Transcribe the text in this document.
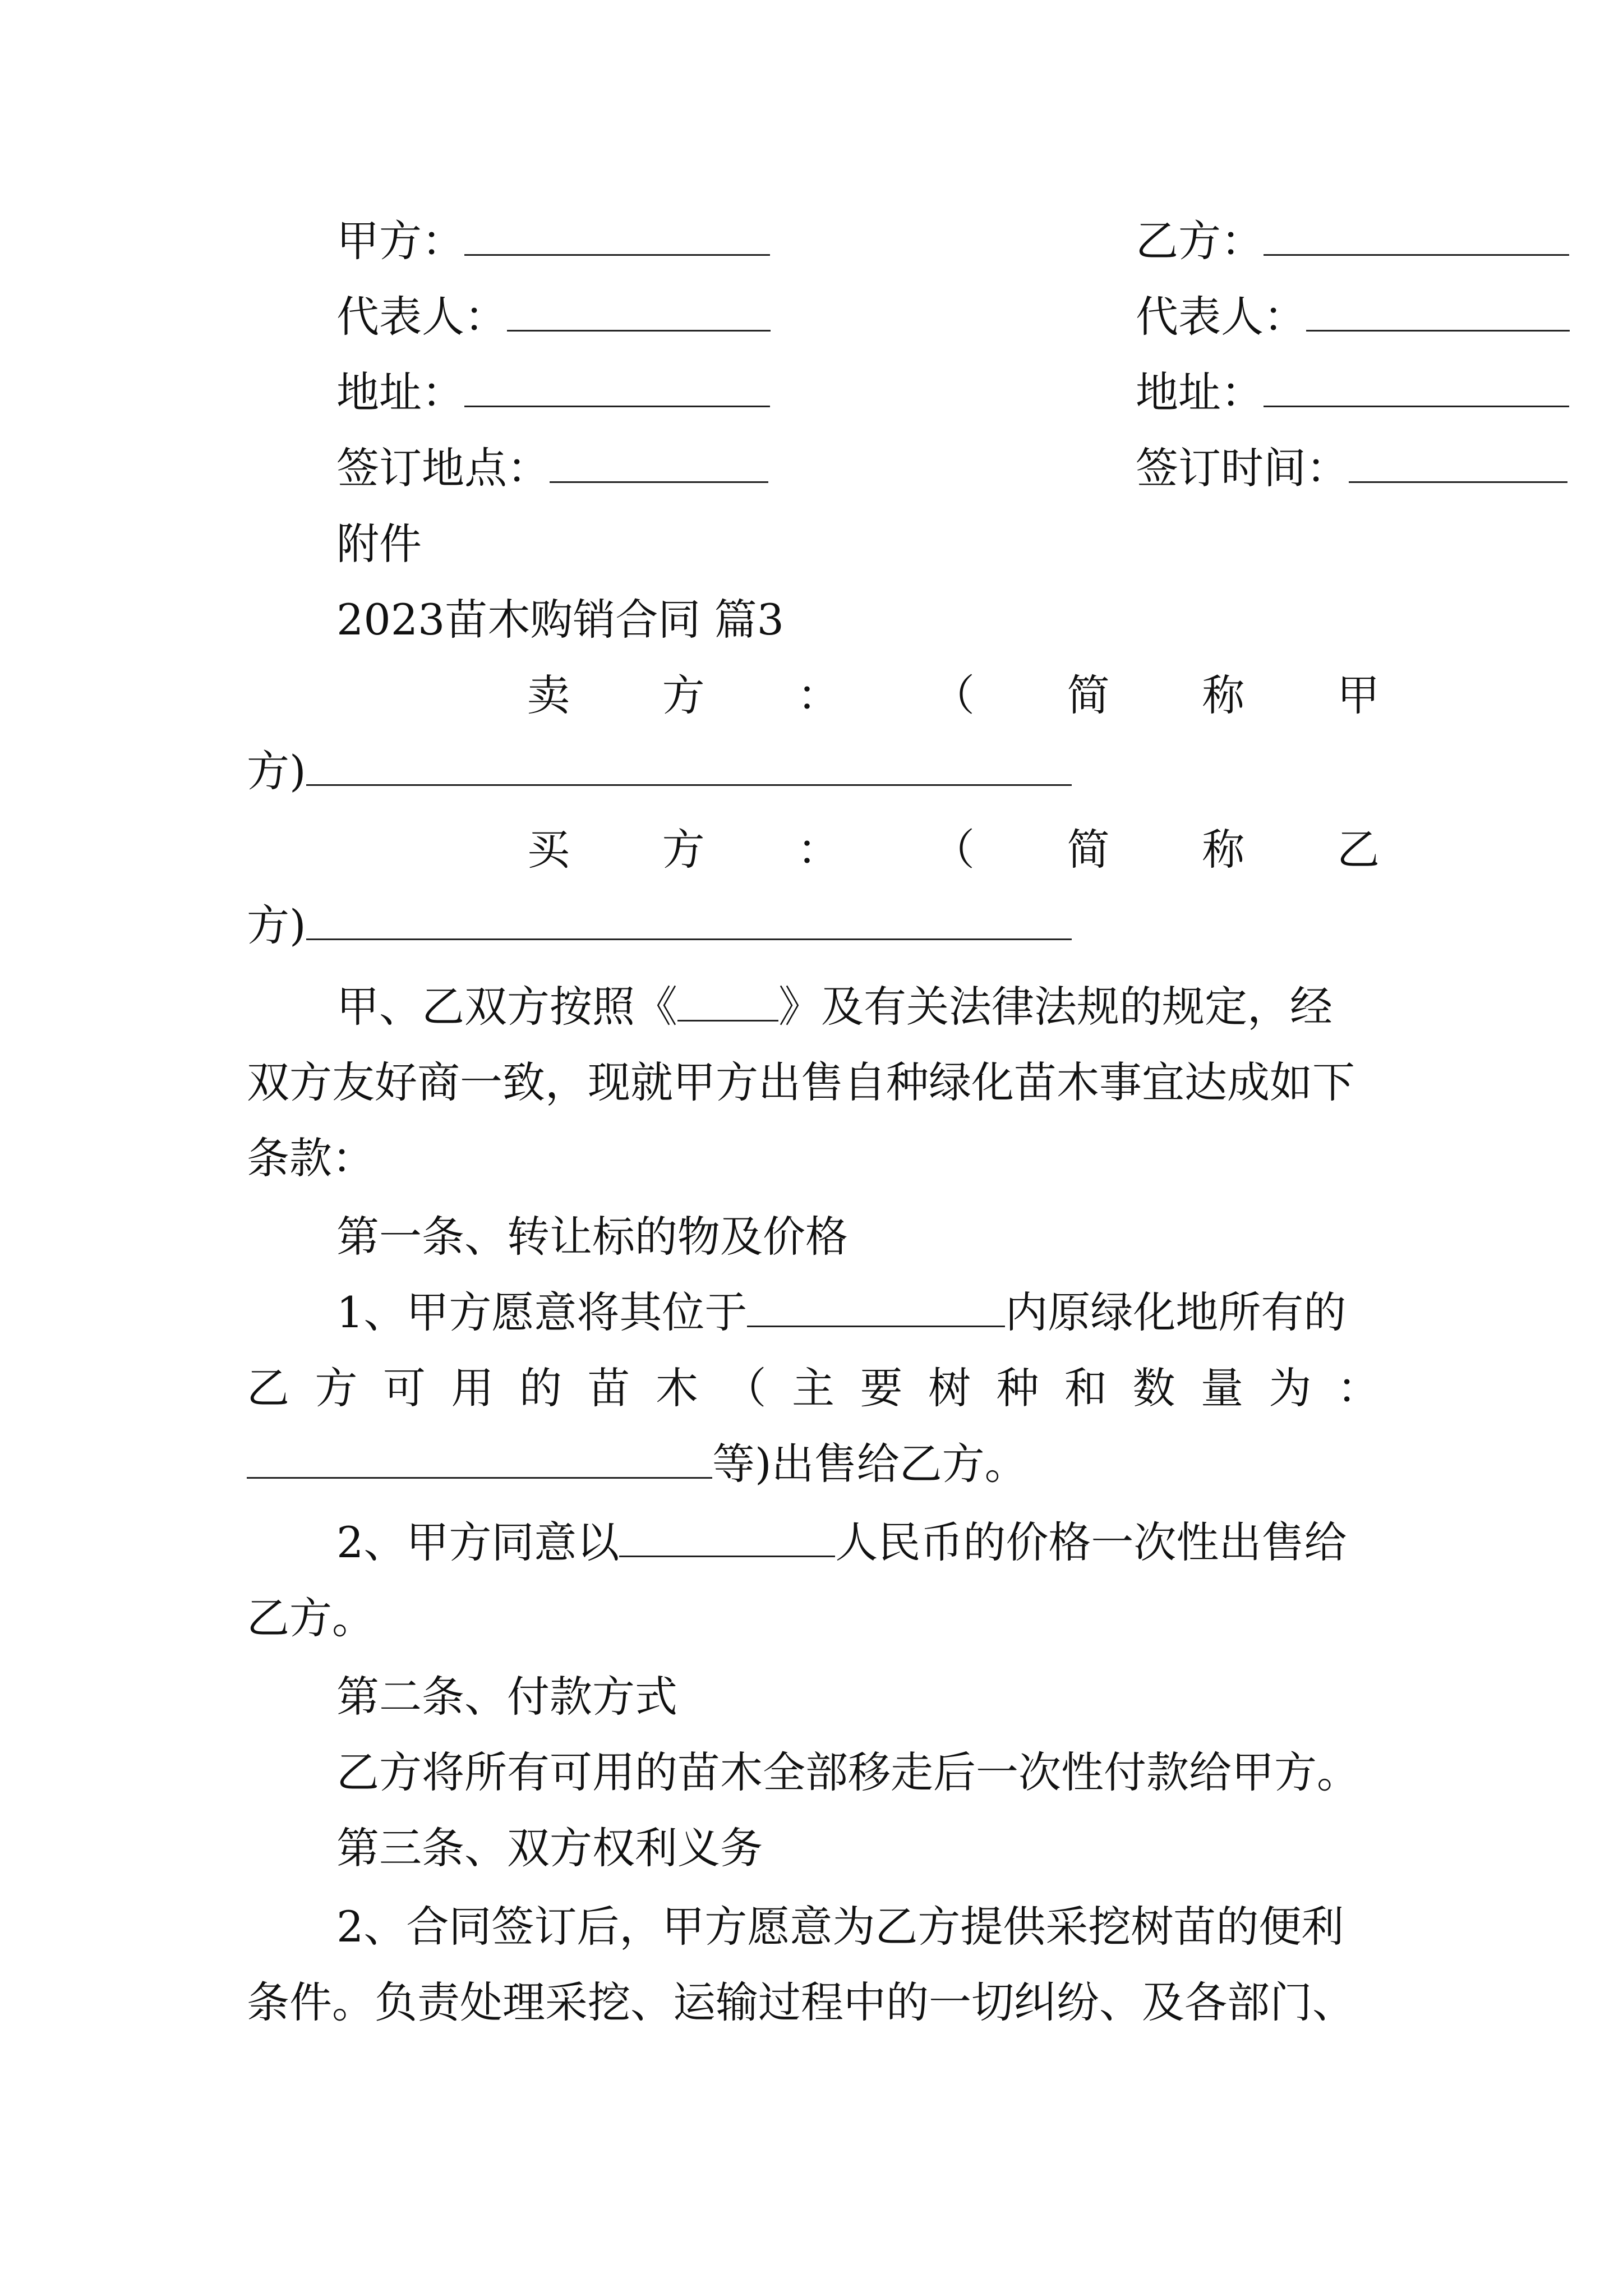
甲方：	乙方：
代表人：	代表人：
地址：	地址：
签订地点：	签订时间：
附件
2023苗木购销合同 篇3
卖 方 ： （ 简 称 甲
方)
买 方 ： （ 简 称 乙
方)
甲、乙双方按照《 》及有关法律法规的规定，经
双方友好商一致，现就甲方出售自种绿化苗木事宜达成如下
条款：
第一条、转让标的物及价格
1、甲方愿意将其位于	内原绿化地所有的
乙 方 可 用 的 苗 木 （ 主 要 树 种 和 数 量 为 ：
等)出售给乙方。
2、甲方同意以	人民币的价格一次性出售给
乙方。
第二条、付款方式
乙方将所有可用的苗木全部移走后一次性付款给甲方。
第三条、双方权利义务
2、合同签订后，甲方愿意为乙方提供采挖树苗的便利
条件。负责处理采挖、运输过程中的一切纠纷、及各部门、
